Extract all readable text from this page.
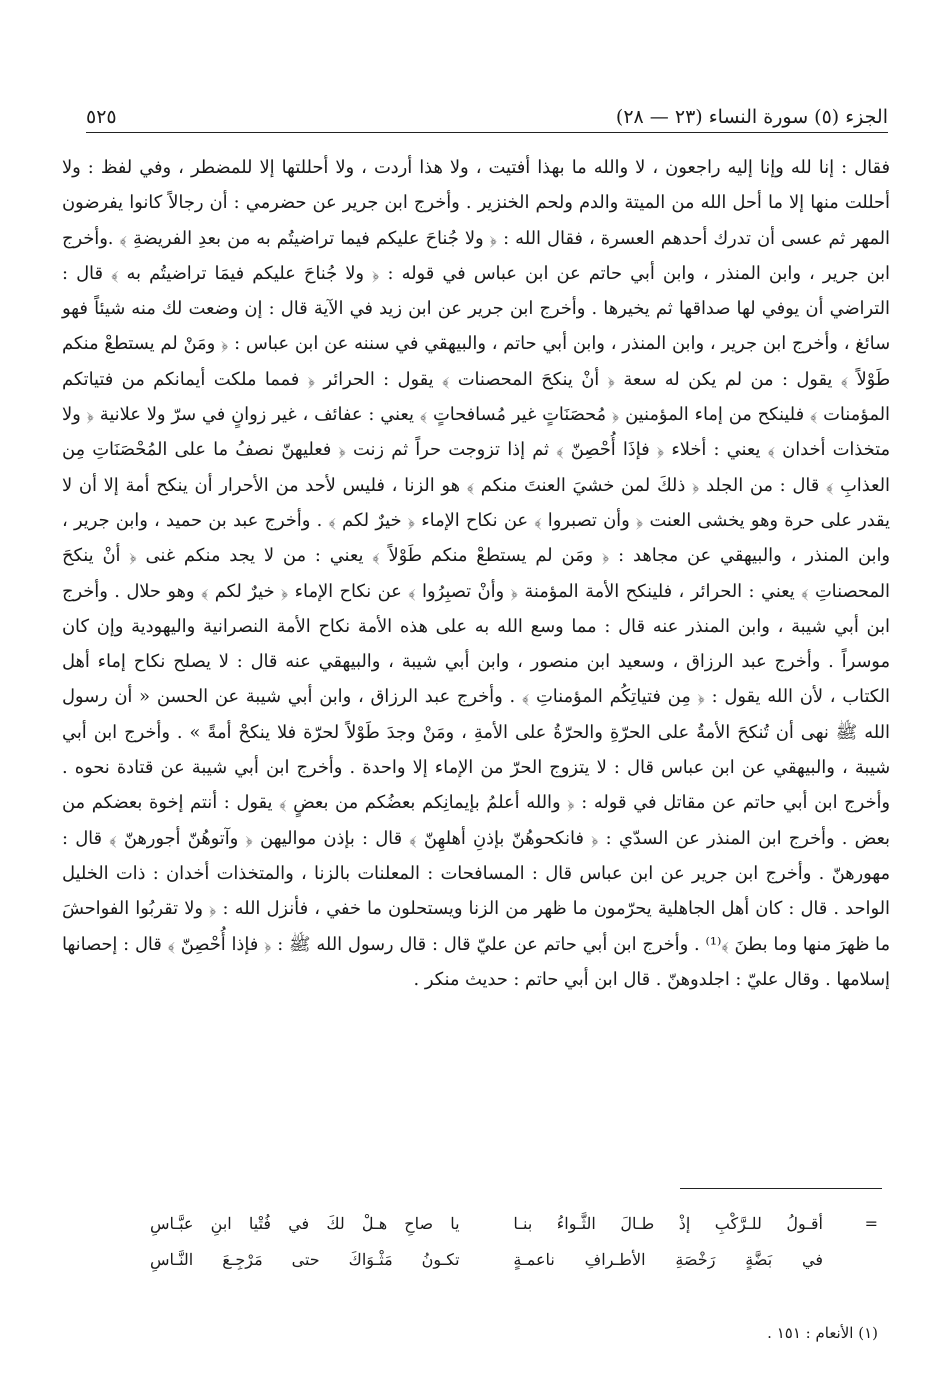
الجزء (٥) سورة النساء (٢٣ — ٢٨)
٥٢٥

فقال : إنا لله وإنا إليه راجعون ، لا والله ما بهذا أفتيت ، ولا هذا أردت ، ولا أحللتها إلا للمضطر ، وفي لفظ : ولا أحللت منها إلا ما أحل الله من الميتة والدم ولحم الخنزير . وأخرج ابن جرير عن حضرمي : أن رجالاً كانوا يفرضون المهر ثم عسى أن تدرك أحدهم العسرة ، فقال الله : ﴿ ولا جُناحَ عليكم فيما تراضيتُم به من بعدِ الفريضةِ ﴾ .وأخرج ابن جرير ، وابن المنذر ، وابن أبي حاتم عن ابن عباس في قوله : ﴿ ولا جُناحَ عليكم فيمَا تراضيتُم به ﴾ قال : التراضي أن يوفي لها صداقها ثم يخيرها . وأخرج ابن جرير عن ابن زيد في الآية قال : إن وضعت لك منه شيئاً فهو سائغ ، وأخرج ابن جرير ، وابن المنذر ، وابن أبي حاتم ، والبيهقي في سننه عن ابن عباس : ﴿ ومَنْ لم يستطعْ منكم طَوْلاً ﴾ يقول : من لم يكن له سعة ﴿ أنْ ينكحَ المحصنات ﴾ يقول : الحرائر ﴿ فمما ملكت أيمانكم من فتياتكم المؤمنات ﴾ فلينكح من إماء المؤمنين ﴿ مُحصَنَاتٍ غير مُسافحاتٍ ﴾ يعني : عفائف ، غير زوانٍ في سرّ ولا علانية ﴿ ولا متخذات أخدان ﴾ يعني : أخلاء ﴿ فإذَا أُحْصِنّ ﴾ ثم إذا تزوجت حراً ثم زنت ﴿ فعليهنّ نصفُ ما على المُحْصَنَاتِ مِن العذابِ ﴾ قال : من الجلد ﴿ ذلكَ لمن خشيَ العنتَ منكم ﴾ هو الزنا ، فليس لأحد من الأحرار أن ينكح أمة إلا أن لا يقدر على حرة وهو يخشى العنت ﴿ وأن تصبروا ﴾ عن نكاح الإماء ﴿ خيرٌ لكم ﴾ . وأخرج عبد بن حميد ، وابن جرير ، وابن المنذر ، والبيهقي عن مجاهد : ﴿ ومَن لم يستطعْ منكم طَوْلاً ﴾ يعني : من لا يجد منكم غنى ﴿ أنْ ينكحَ المحصناتِ ﴾ يعني : الحرائر ، فلينكح الأمة المؤمنة ﴿ وأنْ تصبِرُوا ﴾ عن نكاح الإماء ﴿ خيرٌ لكم ﴾ وهو حلال . وأخرج ابن أبي شيبة ، وابن المنذر عنه قال : مما وسع الله به على هذه الأمة نكاح الأمة النصرانية واليهودية وإن كان موسراً . وأخرج عبد الرزاق ، وسعيد ابن منصور ، وابن أبي شيبة ، والبيهقي عنه قال : لا يصلح نكاح إماء أهل الكتاب ، لأن الله يقول : ﴿ مِن فتياتِكُم المؤمناتِ ﴾ . وأخرج عبد الرزاق ، وابن أبي شيبة عن الحسن « أن رسول الله ﷺ نهى أن تُنكحَ الأمةُ على الحرّةِ والحرّةُ على الأمةِ ، ومَنْ وجدَ طَوْلاً لحرّة فلا ينكحْ أمةً » . وأخرج ابن أبي شيبة ، والبيهقي عن ابن عباس قال : لا يتزوج الحرّ من الإماء إلا واحدة . وأخرج ابن أبي شيبة عن قتادة نحوه . وأخرج ابن أبي حاتم عن مقاتل في قوله : ﴿ والله أعلمُ بإيمانِكم بعضُكم من بعضٍ ﴾ يقول : أنتم إخوة بعضكم من بعض . وأخرج ابن المنذر عن السدّي : ﴿ فانكحوهُنّ بإذنِ أهلهِنّ ﴾ قال : بإذن مواليهن ﴿ وآتوهُنّ أجورهنّ ﴾ قال : مهورهنّ . وأخرج ابن جرير عن ابن عباس قال : المسافحات : المعلنات بالزنا ، والمتخذات أخدان : ذات الخليل الواحد . قال : كان أهل الجاهلية يحرّمون ما ظهر من الزنا ويستحلون ما خفي ، فأنزل الله : ﴿ ولا تقربُوا الفواحشَ ما ظهرَ منها وما بطنَ ﴾⁽¹⁾ . وأخرج ابن أبي حاتم عن عليّ قال : قال رسول الله ﷺ : ﴿ فإذا أُحْصِنّ ﴾ قال : إحصانها إسلامها . وقال عليّ : اجلدوهنّ . قال ابن أبي حاتم : حديث منكر .

=
أقـولُ للـرَّكْبِ إذْ طـالَ الثَّـواءُ بنـا
يا صاحِ هـلْ لكَ في فُتْيا ابنِ عبَّـاسِ
في بَضَّةٍ رَخْصَةِ الأطـرافِ ناعمـةٍ
تكـونُ مَثْـوَاكَ حتى مَرْجِـعَ النَّـاسِ
(١) الأنعام : ١٥١ .
